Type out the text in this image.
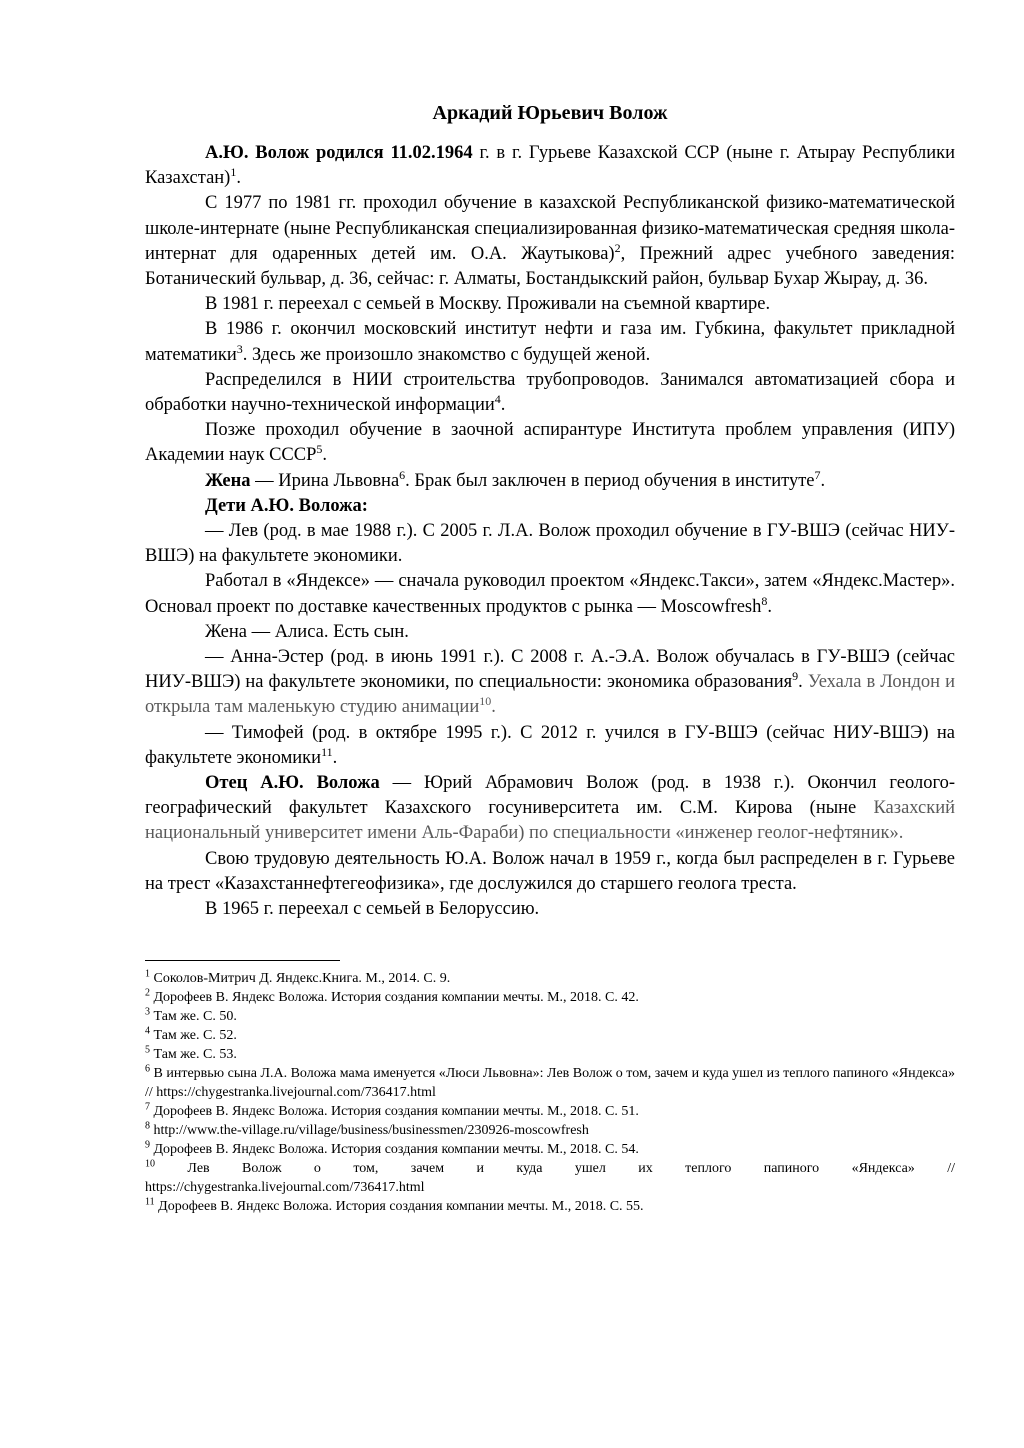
Аркадий Юрьевич Волож

А.Ю. Волож родился 11.02.1964 г. в г. Гурьеве Казахской ССР (ныне г. Атырау Республики Казахстан)$^1$.

С 1977 по 1981 гг. проходил обучение в казахской Республиканской физико-математической школе-интернате (ныне Республиканская специализированная физико-математическая средняя школа-интернат для одаренных детей им. О.А. Жаутыкова)$^2$, Прежний адрес учебного заведения: Ботанический бульвар, д. 36, сейчас: г. Алматы, Бостандыкский район, бульвар Бухар Жырау, д. 36.

В 1981 г. переехал с семьей в Москву. Проживали на съемной квартире.

В 1986 г. окончил московский институт нефти и газа им. Губкина, факультет прикладной математики$^3$. Здесь же произошло знакомство с будущей женой.

Распределился в НИИ строительства трубопроводов. Занимался автоматизацией сбора и обработки научно-технической информации$^4$.

Позже проходил обучение в заочной аспирантуре Института проблем управления (ИПУ) Академии наук СССР$^5$.

Жена — Ирина Львовна$^6$. Брак был заключен в период обучения в институте$^7$.

Дети А.Ю. Воложа:

— Лев (род. в мае 1988 г.). С 2005 г. Л.А. Волож проходил обучение в ГУ-ВШЭ (сейчас НИУ-ВШЭ) на факультете экономики.

Работал в «Яндексе» — сначала руководил проектом «Яндекс.Такси», затем «Яндекс.Мастер». Основал проект по доставке качественных продуктов с рынка — Moscowfresh$^8$.

Жена — Алиса. Есть сын.

— Анна-Эстер (род. в июнь 1991 г.). С 2008 г. А.-Э.А. Волож обучалась в ГУ-ВШЭ (сейчас НИУ-ВШЭ) на факультете экономики, по специальности: экономика образования$^9$. Уехала в Лондон и открыла там маленькую студию анимации$^{10}$.

— Тимофей (род. в октябре 1995 г.). С 2012 г. учился в ГУ-ВШЭ (сейчас НИУ-ВШЭ) на факультете экономики$^{11}$.

Отец А.Ю. Воложа — Юрий Абрамович Волож (род. в 1938 г.). Окончил геолого-географический факультет Казахского госуниверситета им. С.М. Кирова (ныне Казахский национальный университет имени Аль-Фараби) по специальности «инженер геолог-нефтяник».

Свою трудовую деятельность Ю.А. Волож начал в 1959 г., когда был распределен в г. Гурьеве на трест «Казахстаннефтегеофизика», где дослужился до старшего геолога треста.

В 1965 г. переехал с семьей в Белоруссию.

$^1$ Соколов-Митрич Д. Яндекс.Книга. М., 2014. С. 9.
$^2$ Дорофеев В. Яндекс Воложа. История создания компании мечты. М., 2018. С. 42.
$^3$ Там же. С. 50.
$^4$ Там же. С. 52.
$^5$ Там же. С. 53.
$^6$ В интервью сына Л.А. Воложа мама именуется «Люси Львовна»: Лев Волож о том, зачем и куда ушел из теплого папиного «Яндекса» // https://chygestranka.livejournal.com/736417.html
$^7$ Дорофеев В. Яндекс Воложа. История создания компании мечты. М., 2018. С. 51.
$^8$ http://www.the-village.ru/village/business/businessmen/230926-moscowfresh
$^9$ Дорофеев В. Яндекс Воложа. История создания компании мечты. М., 2018. С. 54.
$^{10}$ Лев Волож о том, зачем и куда ушел их теплого папиного «Яндекса» //
https://chygestranka.livejournal.com/736417.html
$^{11}$ Дорофеев В. Яндекс Воложа. История создания компании мечты. М., 2018. С. 55.
